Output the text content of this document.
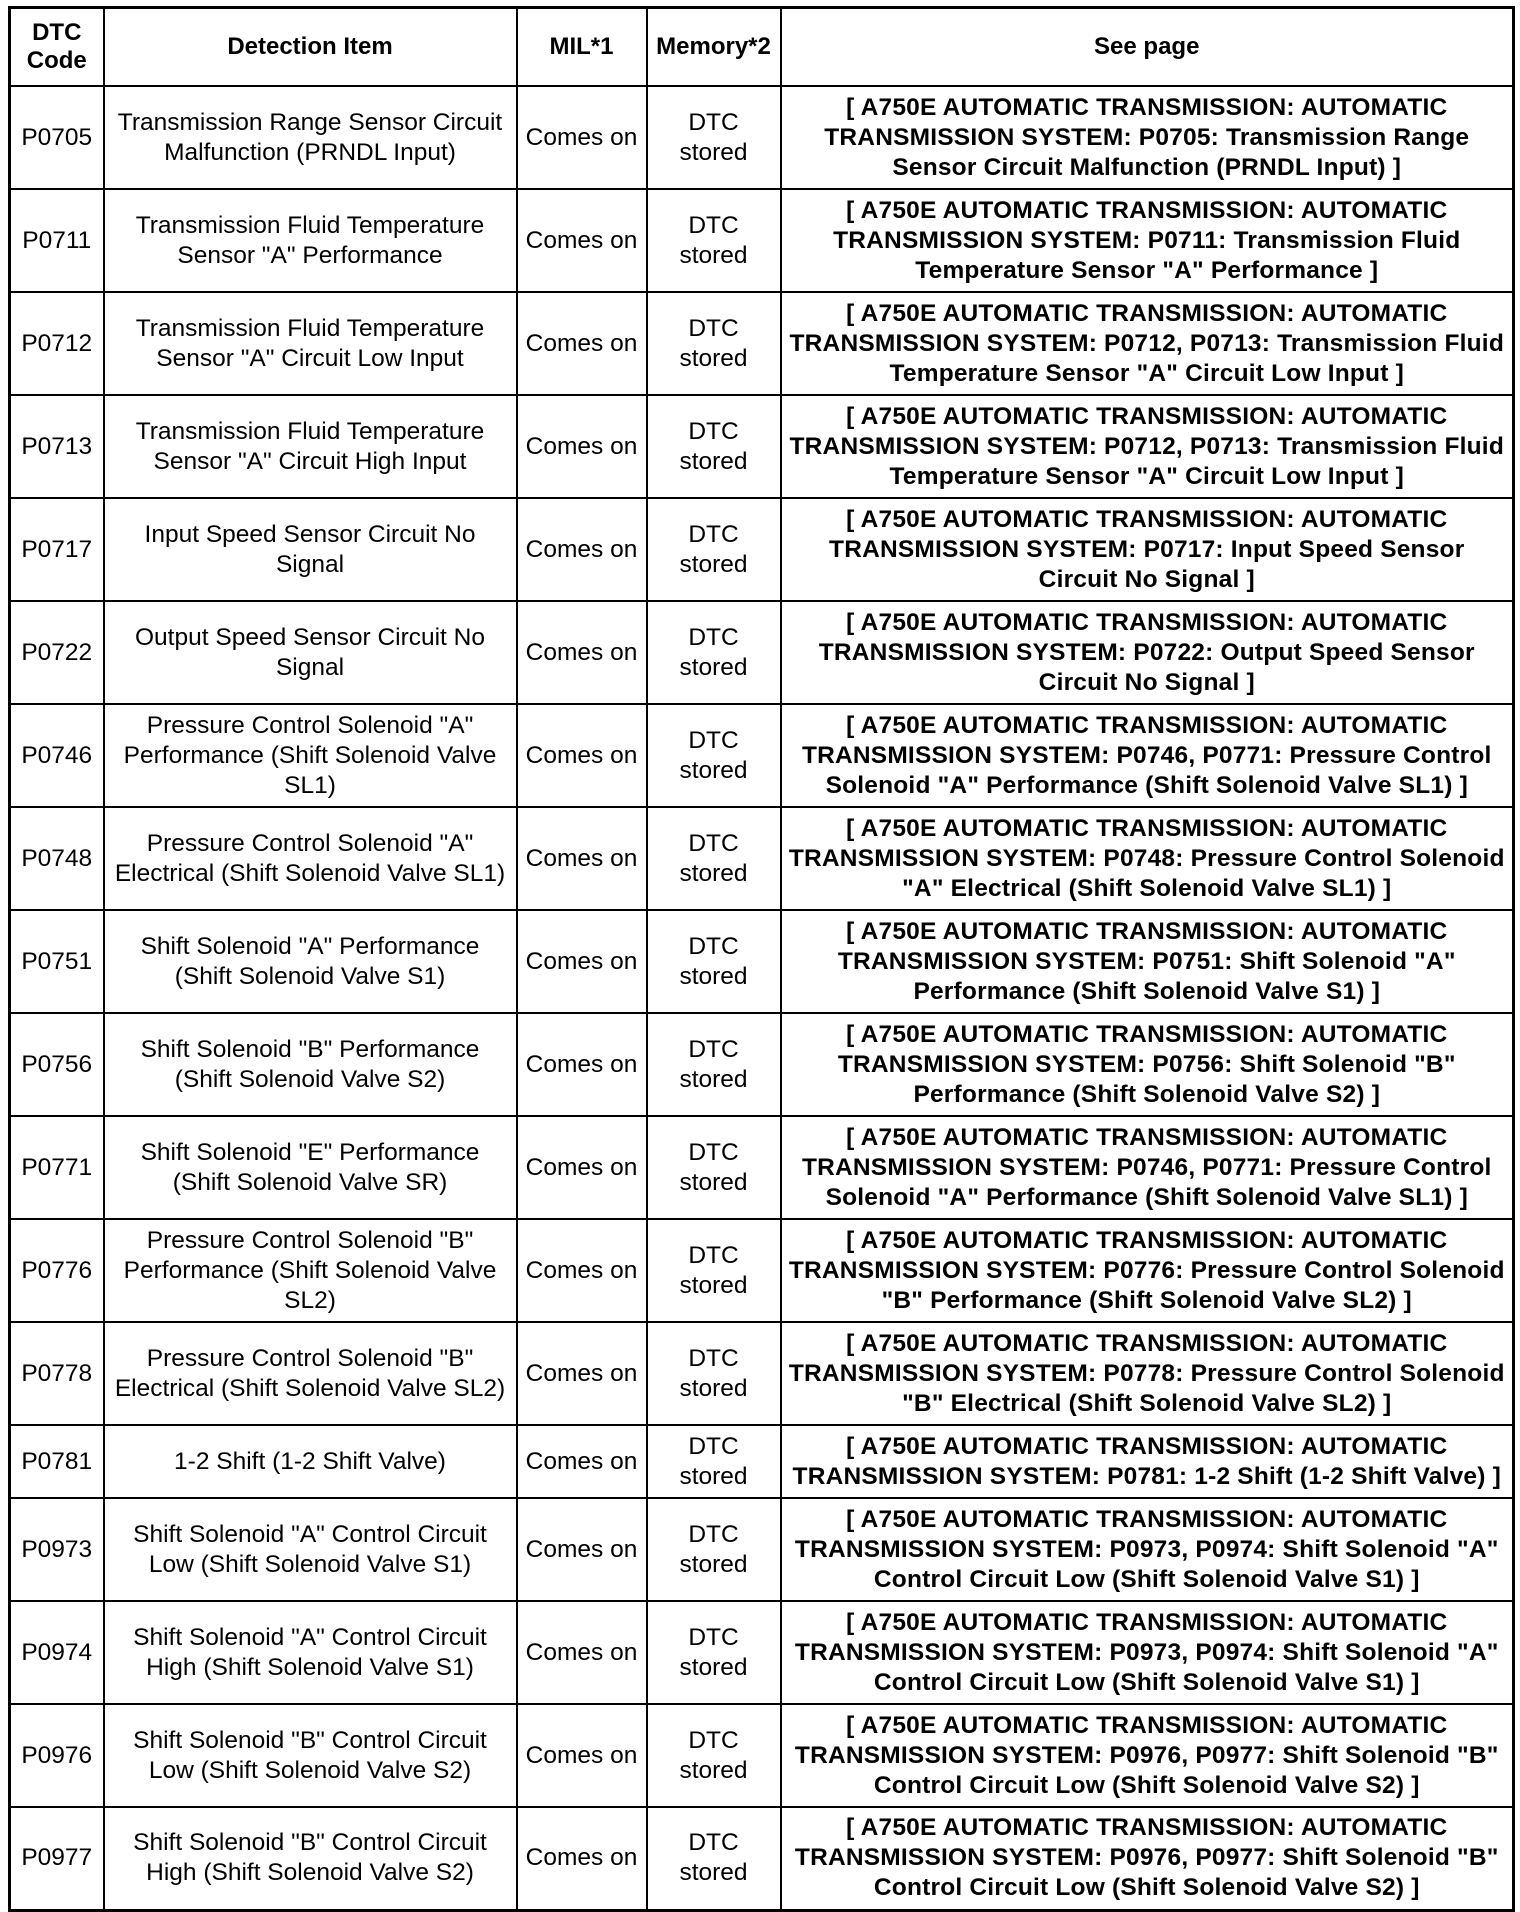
DTC Code	Detection Item	MIL*1	Memory*2	See page
P0705	Transmission Range Sensor Circuit Malfunction (PRNDL Input)	Comes on	DTC stored	[ A750E AUTOMATIC TRANSMISSION: AUTOMATIC TRANSMISSION SYSTEM: P0705: Transmission Range Sensor Circuit Malfunction (PRNDL Input) ]
P0711	Transmission Fluid Temperature Sensor "A" Performance	Comes on	DTC stored	[ A750E AUTOMATIC TRANSMISSION: AUTOMATIC TRANSMISSION SYSTEM: P0711: Transmission Fluid Temperature Sensor "A" Performance ]
P0712	Transmission Fluid Temperature Sensor "A" Circuit Low Input	Comes on	DTC stored	[ A750E AUTOMATIC TRANSMISSION: AUTOMATIC TRANSMISSION SYSTEM: P0712, P0713: Transmission Fluid Temperature Sensor "A" Circuit Low Input ]
P0713	Transmission Fluid Temperature Sensor "A" Circuit High Input	Comes on	DTC stored	[ A750E AUTOMATIC TRANSMISSION: AUTOMATIC TRANSMISSION SYSTEM: P0712, P0713: Transmission Fluid Temperature Sensor "A" Circuit Low Input ]
P0717	Input Speed Sensor Circuit No Signal	Comes on	DTC stored	[ A750E AUTOMATIC TRANSMISSION: AUTOMATIC TRANSMISSION SYSTEM: P0717: Input Speed Sensor Circuit No Signal ]
P0722	Output Speed Sensor Circuit No Signal	Comes on	DTC stored	[ A750E AUTOMATIC TRANSMISSION: AUTOMATIC TRANSMISSION SYSTEM: P0722: Output Speed Sensor Circuit No Signal ]
P0746	Pressure Control Solenoid "A" Performance (Shift Solenoid Valve SL1)	Comes on	DTC stored	[ A750E AUTOMATIC TRANSMISSION: AUTOMATIC TRANSMISSION SYSTEM: P0746, P0771: Pressure Control Solenoid "A" Performance (Shift Solenoid Valve SL1) ]
P0748	Pressure Control Solenoid "A" Electrical (Shift Solenoid Valve SL1)	Comes on	DTC stored	[ A750E AUTOMATIC TRANSMISSION: AUTOMATIC TRANSMISSION SYSTEM: P0748: Pressure Control Solenoid "A" Electrical (Shift Solenoid Valve SL1) ]
P0751	Shift Solenoid "A" Performance (Shift Solenoid Valve S1)	Comes on	DTC stored	[ A750E AUTOMATIC TRANSMISSION: AUTOMATIC TRANSMISSION SYSTEM: P0751: Shift Solenoid "A" Performance (Shift Solenoid Valve S1) ]
P0756	Shift Solenoid "B" Performance (Shift Solenoid Valve S2)	Comes on	DTC stored	[ A750E AUTOMATIC TRANSMISSION: AUTOMATIC TRANSMISSION SYSTEM: P0756: Shift Solenoid "B" Performance (Shift Solenoid Valve S2) ]
P0771	Shift Solenoid "E" Performance (Shift Solenoid Valve SR)	Comes on	DTC stored	[ A750E AUTOMATIC TRANSMISSION: AUTOMATIC TRANSMISSION SYSTEM: P0746, P0771: Pressure Control Solenoid "A" Performance (Shift Solenoid Valve SL1) ]
P0776	Pressure Control Solenoid "B" Performance (Shift Solenoid Valve SL2)	Comes on	DTC stored	[ A750E AUTOMATIC TRANSMISSION: AUTOMATIC TRANSMISSION SYSTEM: P0776: Pressure Control Solenoid "B" Performance (Shift Solenoid Valve SL2) ]
P0778	Pressure Control Solenoid "B" Electrical (Shift Solenoid Valve SL2)	Comes on	DTC stored	[ A750E AUTOMATIC TRANSMISSION: AUTOMATIC TRANSMISSION SYSTEM: P0778: Pressure Control Solenoid "B" Electrical (Shift Solenoid Valve SL2) ]
P0781	1-2 Shift (1-2 Shift Valve)	Comes on	DTC stored	[ A750E AUTOMATIC TRANSMISSION: AUTOMATIC TRANSMISSION SYSTEM: P0781: 1-2 Shift (1-2 Shift Valve) ]
P0973	Shift Solenoid "A" Control Circuit Low (Shift Solenoid Valve S1)	Comes on	DTC stored	[ A750E AUTOMATIC TRANSMISSION: AUTOMATIC TRANSMISSION SYSTEM: P0973, P0974: Shift Solenoid "A" Control Circuit Low (Shift Solenoid Valve S1) ]
P0974	Shift Solenoid "A" Control Circuit High (Shift Solenoid Valve S1)	Comes on	DTC stored	[ A750E AUTOMATIC TRANSMISSION: AUTOMATIC TRANSMISSION SYSTEM: P0973, P0974: Shift Solenoid "A" Control Circuit Low (Shift Solenoid Valve S1) ]
P0976	Shift Solenoid "B" Control Circuit Low (Shift Solenoid Valve S2)	Comes on	DTC stored	[ A750E AUTOMATIC TRANSMISSION: AUTOMATIC TRANSMISSION SYSTEM: P0976, P0977: Shift Solenoid "B" Control Circuit Low (Shift Solenoid Valve S2) ]
P0977	Shift Solenoid "B" Control Circuit High (Shift Solenoid Valve S2)	Comes on	DTC stored	[ A750E AUTOMATIC TRANSMISSION: AUTOMATIC TRANSMISSION SYSTEM: P0976, P0977: Shift Solenoid "B" Control Circuit Low (Shift Solenoid Valve S2) ]
